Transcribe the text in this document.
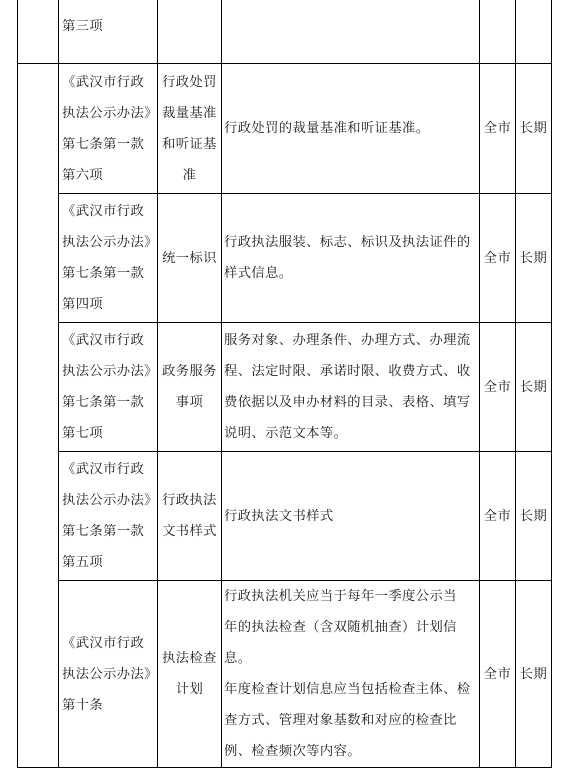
	第三项				

	《武汉市行政
执法公示办法》
第七条第一款
第六项	行政处罚
裁量基准
和听证基
准	行政处罚的裁量基准和听证基准。	全市	长期

	《武汉市行政
执法公示办法》
第七条第一款
第四项	统一标识	行政执法服装、标志、标识及执法证件的
样式信息。	全市	长期

	《武汉市行政
执法公示办法》
第七条第一款
第七项	政务服务
事项	服务对象、办理条件、办理方式、办理流
程、法定时限、承诺时限、收费方式、收
费依据以及申办材料的目录、表格、填写
说明、示范文本等。	全市	长期

	《武汉市行政
执法公示办法》
第七条第一款
第五项	行政执法
文书样式	行政执法文书样式	全市	长期

	《武汉市行政
执法公示办法》
第十条	执法检查
计划	行政执法机关应当于每年一季度公示当
年的执法检查（含双随机抽查）计划信息。
年度检查计划信息应当包括检查主体、检
查方式、管理对象基数和对应的检查比
例、检查频次等内容。	全市	长期
